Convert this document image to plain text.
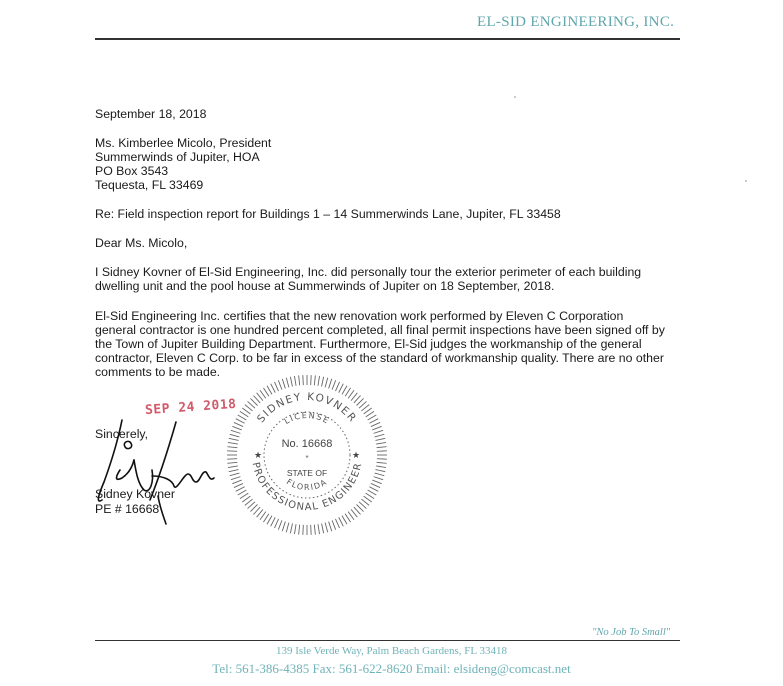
EL-SID ENGINEERING, INC.

September 18, 2018

Ms. Kimberlee Micolo, President

Summerwinds of Jupiter, HOA

PO Box 3543

Tequesta, FL 33469

Re: Field inspection report for Buildings 1 – 14 Summerwinds Lane, Jupiter, FL 33458

Dear Ms. Micolo,

I Sidney Kovner of El-Sid Engineering, Inc. did personally tour the exterior perimeter of each building dwelling unit and the pool house at Summerwinds of Jupiter on 18 September, 2018.

El-Sid Engineering Inc. certifies that the new renovation work performed by Eleven C Corporation general contractor is one hundred percent completed, all final permit inspections have been signed off by the Town of Jupiter Building Department. Furthermore, El-Sid judges the workmanship of the general contractor, Eleven C Corp. to be far in excess of the standard of workmanship quality. There are no other comments to be made.

Sincerely,
Sidney Kovner
PE # 16668
SEP 24 2018 SIDNEY KOVNER
PROFESSIONAL ENGINEER
LICENSE
FLORIDA
No. 16668
*
STATE OF
★	★
"No Job To Small"
139 Isle Verde Way, Palm Beach Gardens, FL 33418
Tel: 561-386-4385 Fax: 561-622-8620 Email: elsideng@comcast.net
